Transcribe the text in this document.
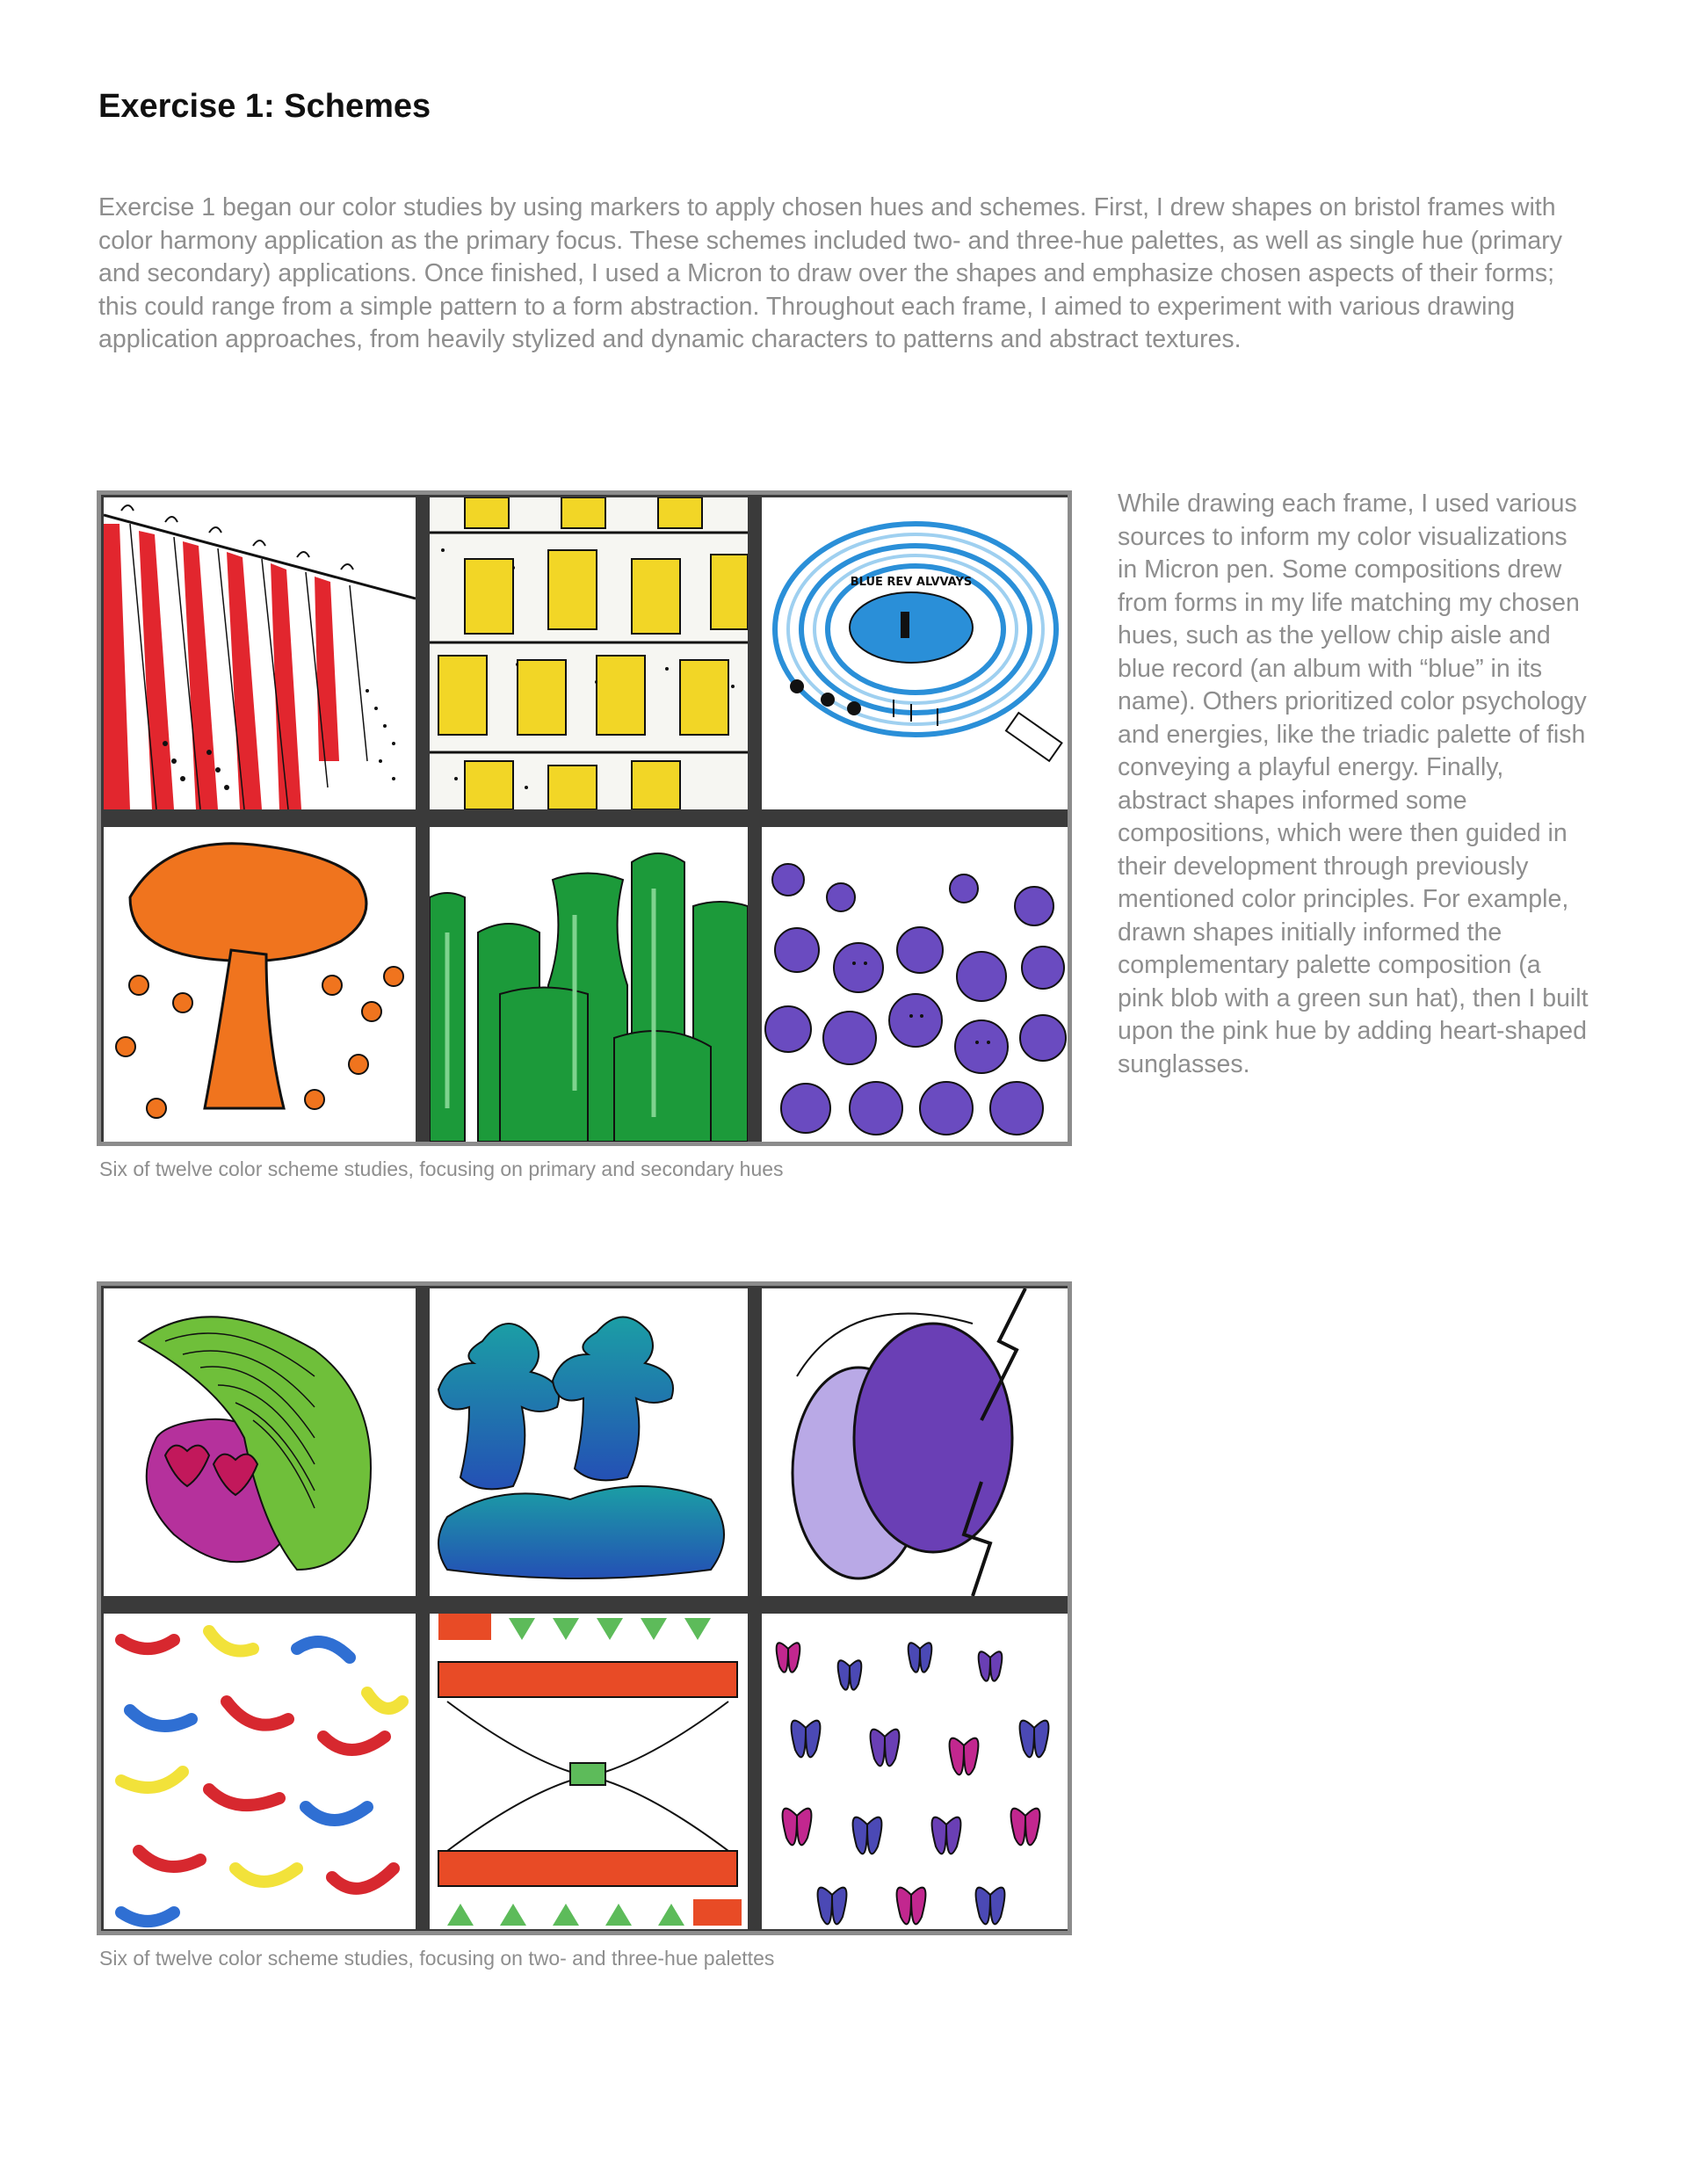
Exercise 1: Schemes

Exercise 1 began our color studies by using markers to apply chosen hues and schemes. First, I drew shapes on bristol frames with color harmony application as the primary focus. These schemes included two- and three-hue palettes, as well as single hue (primary and secondary) applications. Once finished, I used a Micron to draw over the shapes and emphasize chosen aspects of their forms; this could range from a simple pattern to a form abstraction. Throughout each frame, I aimed to experiment with various drawing application approaches, from heavily stylized and dynamic characters to patterns and abstract textures.

BLUE REV ALVVAYS

Six of twelve color scheme studies, focusing on primary and secondary hues

While drawing each frame, I used various sources to inform my color visualizations in Micron pen. Some compositions drew from forms in my life matching my chosen hues, such as the yellow chip aisle and blue record (an album with “blue” in its name). Others prioritized color psychology and energies, like the triadic palette of fish conveying a playful energy. Finally, abstract shapes informed some compositions, which were then guided in their development through previously mentioned color principles. For example, drawn shapes initially informed the complementary palette composition (a pink blob with a green sun hat), then I built upon the pink hue by adding heart-shaped sunglasses.

Six of twelve color scheme studies, focusing on two- and three-hue palettes
